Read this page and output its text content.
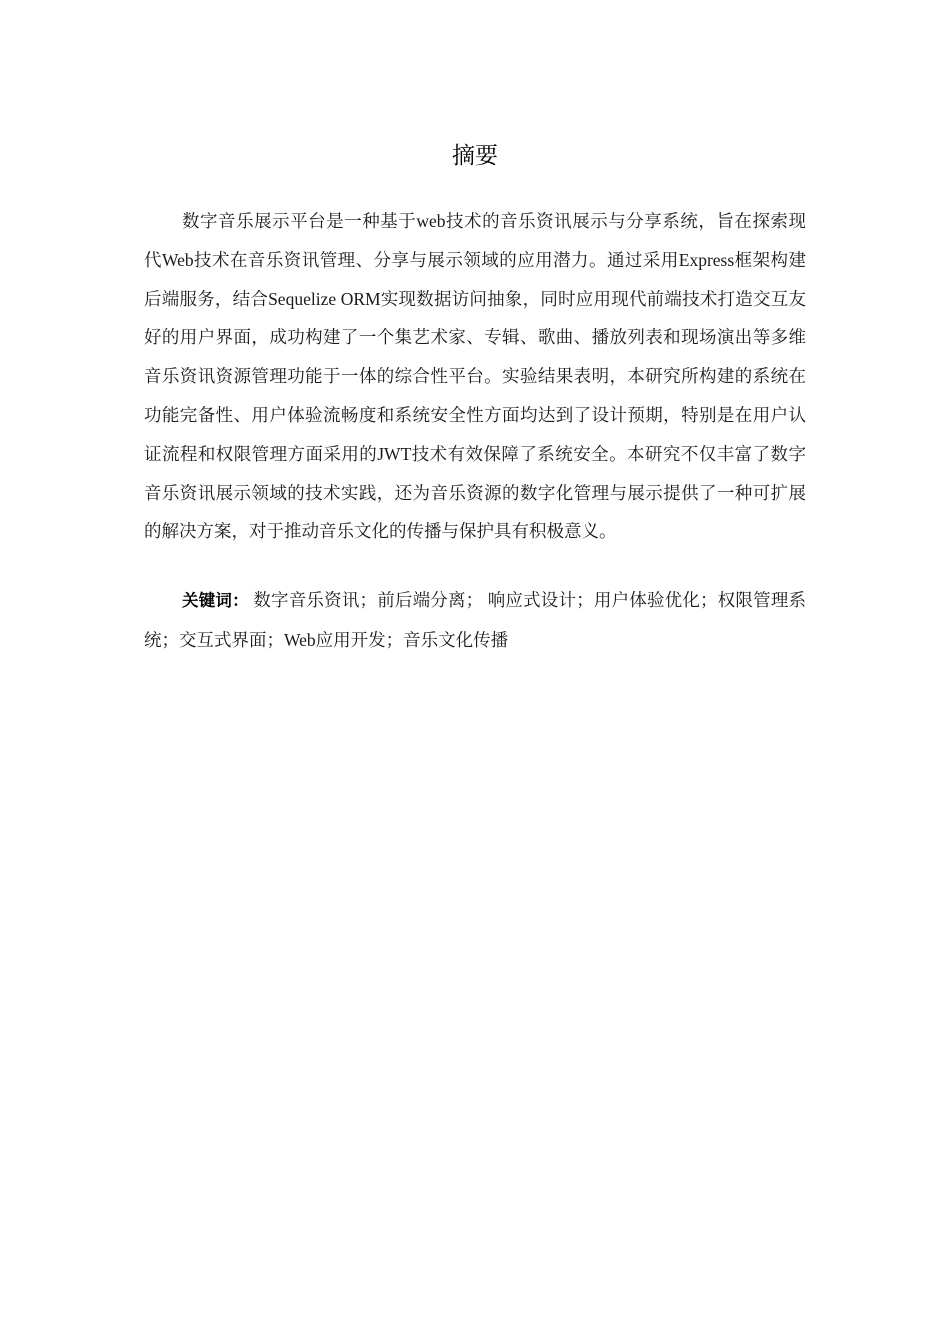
摘要

数字音乐展示平台是一种基于web技术的音乐资讯展示与分享系统，旨在探索现代Web技术在音乐资讯管理、分享与展示领域的应用潜力。通过采用Express框架构建后端服务，结合Sequelize ORM实现数据访问抽象，同时应用现代前端技术打造交互友好的用户界面，成功构建了一个集艺术家、专辑、歌曲、播放列表和现场演出等多维音乐资讯资源管理功能于一体的综合性平台。实验结果表明，本研究所构建的系统在功能完备性、用户体验流畅度和系统安全性方面均达到了设计预期，特别是在用户认证流程和权限管理方面采用的JWT技术有效保障了系统安全。本研究不仅丰富了数字音乐资讯展示领域的技术实践，还为音乐资源的数字化管理与展示提供了一种可扩展的解决方案，对于推动音乐文化的传播与保护具有积极意义。

关键词： 数字音乐资讯；前后端分离； 响应式设计；用户体验优化；权限管理系统；交互式界面；Web应用开发；音乐文化传播
